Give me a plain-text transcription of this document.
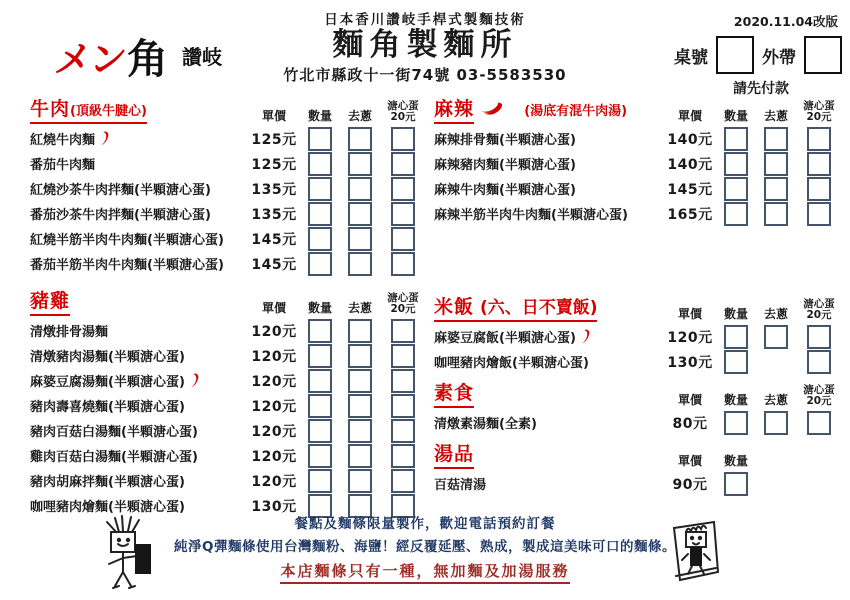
メン 角 讚岐
日本香川讚岐手桿式製麵技術
麵角製麵所
竹北市縣政十一街74號 03-5583530
2020.11.04改版
桌號	外帶
請先付款
牛肉(頂級牛腱心)	單價	數量	去蔥
溏心蛋
20元
紅燒牛肉麵	125元
番茄牛肉麵	125元
紅燒沙茶牛肉拌麵(半顆溏心蛋)	135元
番茄沙茶牛肉拌麵(半顆溏心蛋)	135元
紅燒半筋半肉牛肉麵(半顆溏心蛋) 145元
番茄半筋半肉牛肉麵(半顆溏心蛋) 145元
豬雞	單價	數量	去蔥
溏心蛋
20元
清燉排骨湯麵	120元
清燉豬肉湯麵(半顆溏心蛋)	120元
麻婆豆腐湯麵(半顆溏心蛋)	120元
豬肉壽喜燒麵(半顆溏心蛋)	120元
豬肉百菇白湯麵(半顆溏心蛋)	120元
雞肉百菇白湯麵(半顆溏心蛋)	120元
豬肉胡麻拌麵(半顆溏心蛋)	120元
咖哩豬肉燴麵(半顆溏心蛋)	130元
麻辣	(湯底有混牛肉湯)	單價	數量	去蔥
溏心蛋
20元
麻辣排骨麵(半顆溏心蛋)	140元
麻辣豬肉麵(半顆溏心蛋)	140元
麻辣牛肉麵(半顆溏心蛋)	145元
麻辣半筋半肉牛肉麵(半顆溏心蛋)	165元
米飯 (六、日不賣飯)	單價	數量	去蔥
溏心蛋
20元
麻婆豆腐飯(半顆溏心蛋)	120元
咖哩豬肉燴飯(半顆溏心蛋)	130元
素食	單價	數量	去蔥
溏心蛋
20元
清燉素湯麵(全素)	80元
湯品	單價	數量
百菇清湯	90元
餐點及麵條限量製作，歡迎電話預約訂餐
純淨Q彈麵條使用台灣麵粉、海鹽！經反覆延壓、熟成，製成這美味可口的麵條。
本店麵條只有一種，無加麵及加湯服務
